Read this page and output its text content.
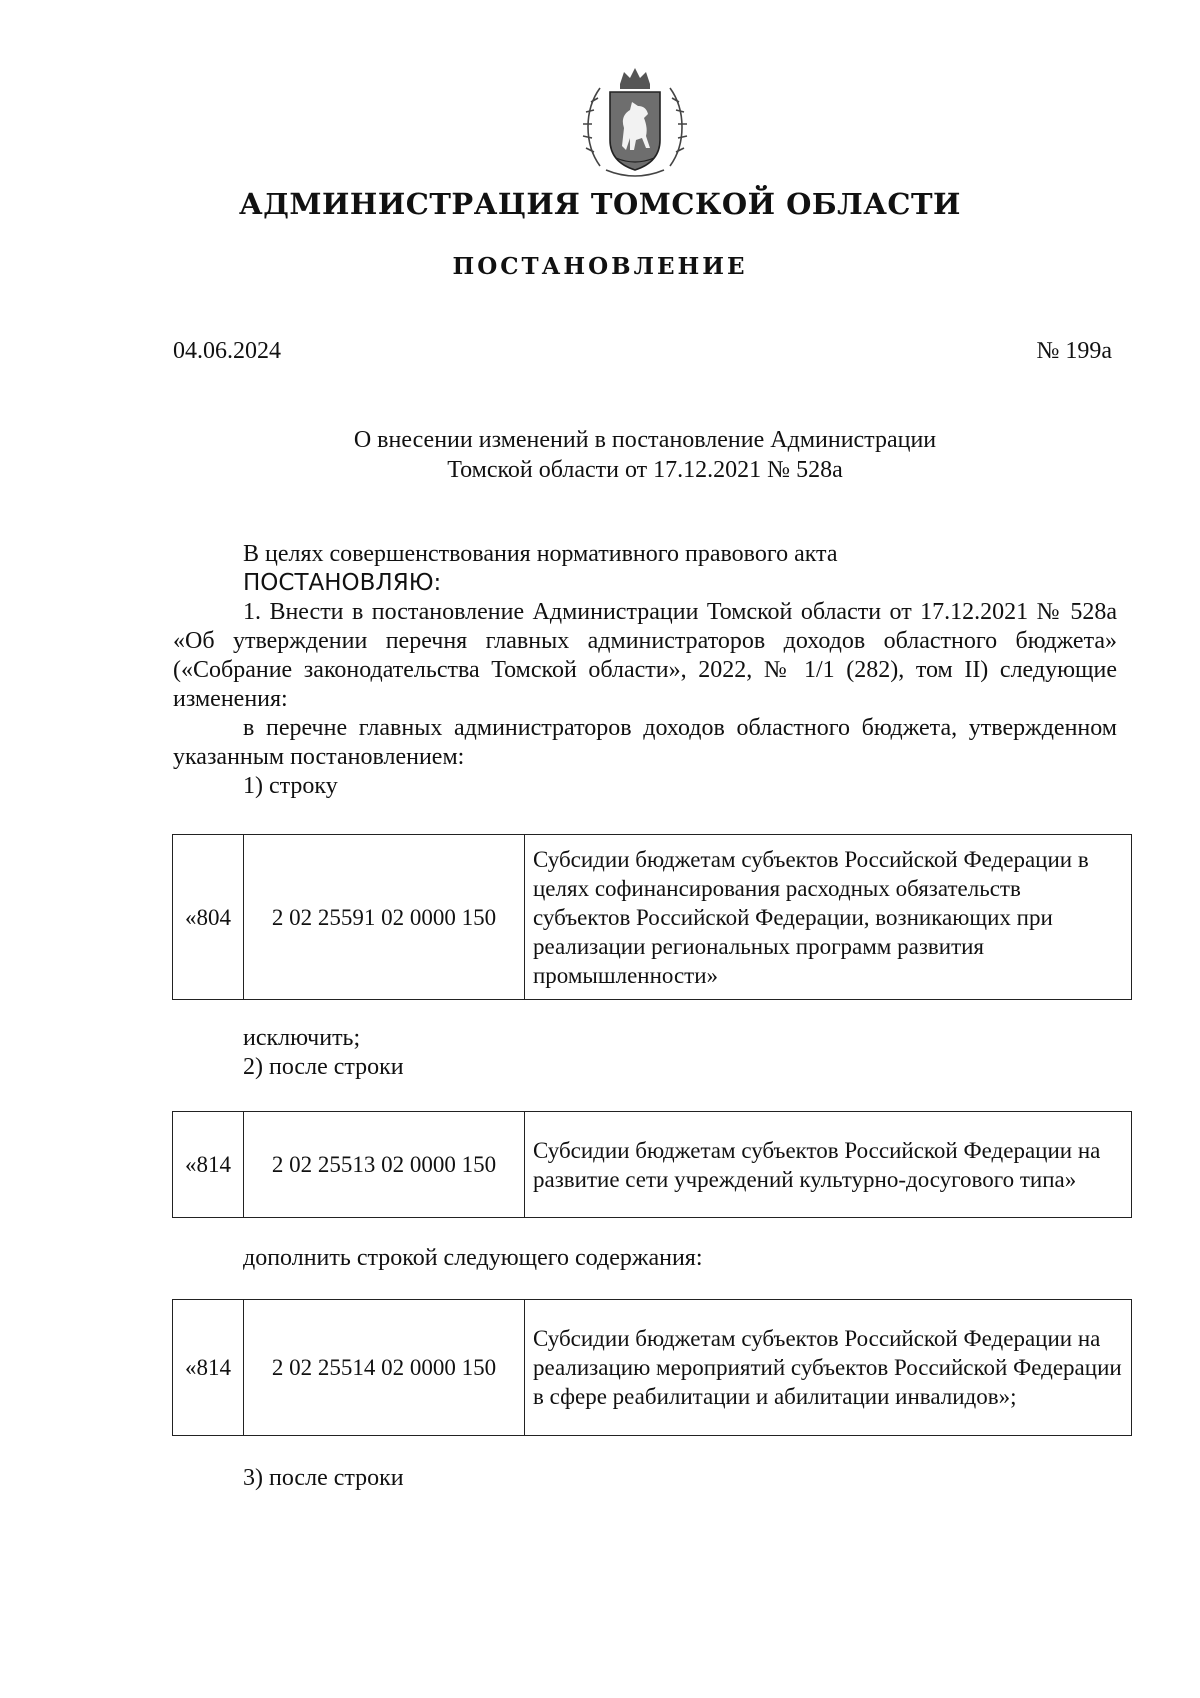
АДМИНИСТРАЦИЯ ТОМСКОЙ ОБЛАСТИ
ПОСТАНОВЛЕНИЕ
04.06.2024	№ 199а
О внесении изменений в постановление Администрации
Томской области от 17.12.2021 № 528а

В целях совершенствования нормативного правового акта

ПОСТАНОВЛЯЮ:

1. Внести в постановление Администрации Томской области от 17.12.2021 № 528а «Об утверждении перечня главных администраторов доходов областного бюджета» («Собрание законодательства Томской области», 2022, № 1/1 (282), том II) следующие изменения:

в перечне главных администраторов доходов областного бюджета, утвержденном указанным постановлением:

1) строку

«804	2 02 25591 02 0000 150	Субсидии бюджетам субъектов Российской Федерации в целях софинансирования расходных обязательств субъектов Российской Федерации, возникающих при реализации региональных программ развития промышленности»

исключить;

2) после строки

«814	2 02 25513 02 0000 150	Субсидии бюджетам субъектов Российской Федерации на развитие сети учреждений культурно-досугового типа»

дополнить строкой следующего содержания:

«814	2 02 25514 02 0000 150	Субсидии бюджетам субъектов Российской Федерации на реализацию мероприятий субъектов Российской Федерации в сфере реабилитации и абилитации инвалидов»;

3) после строки
